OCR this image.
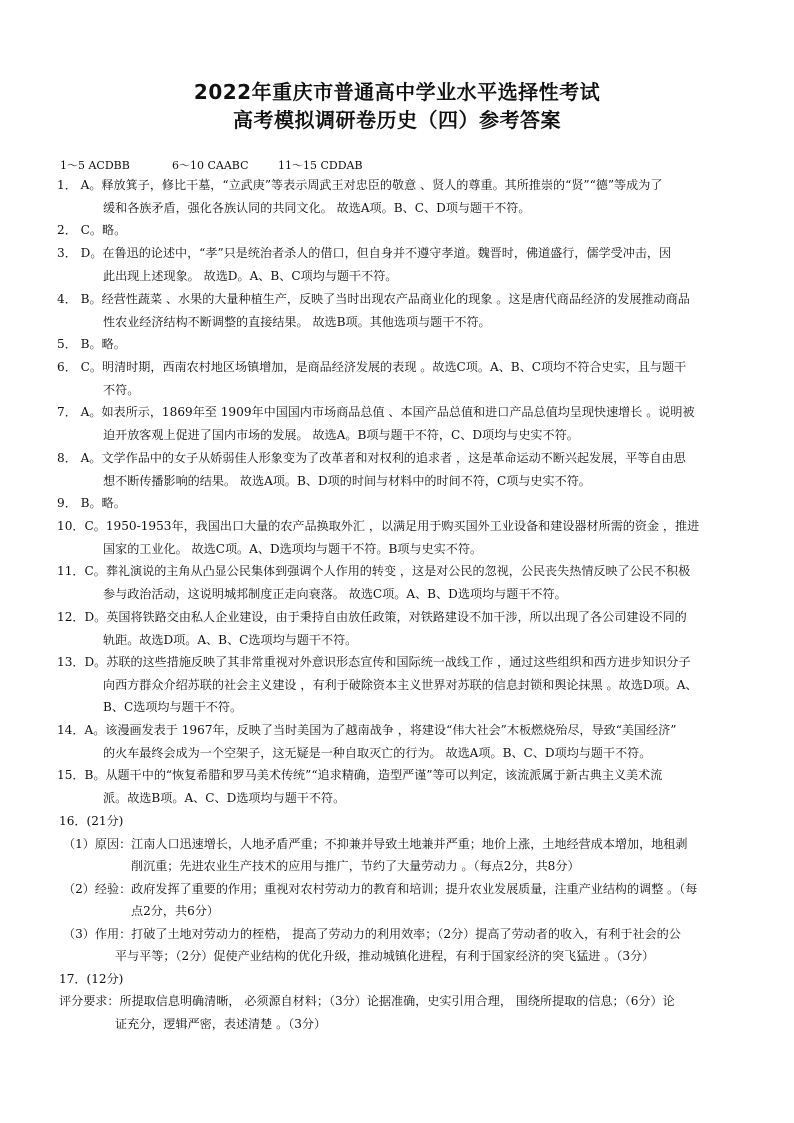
2022年重庆市普通高中学业水平选择性考试
高考模拟调研卷历史（四）参考答案
1～5 ACDBB	6～10 CAABC	11～15 CDDAB
1． A。释放箕子，修比干墓，“立武庚”等表示周武王对忠臣的敬意 、贤人的尊重。其所推崇的“贤”“德”等成为了
缓和各族矛盾，强化各族认同的共同文化。 故选A项。B、C、D项与题干不符。
2． C。略。
3． D。在鲁迅的论述中，“孝”只是统治者杀人的借口，但自身并不遵守孝道。魏晋时，佛道盛行，儒学受冲击，因
此出现上述现象。 故选D。A、B、C项均与题干不符。
4． B。经营性蔬菜 、水果的大量种植生产，反映了当时出现农产品商业化的现象 。这是唐代商品经济的发展推动商品
性农业经济结构不断调整的直接结果。 故选B项。其他选项与题干不符。
5． B。略。
6． C。明清时期，西南农村地区场镇增加，是商品经济发展的表现 。故选C项。A、B、C项均不符合史实，且与题干
不符。
7． A。如表所示，1869年至 1909年中国国内市场商品总值 、本国产品总值和进口产品总值均呈现快速增长 。说明被
迫开放客观上促进了国内市场的发展。 故选A。B项与题干不符，C、D项均与史实不符。
8． A。文学作品中的女子从娇弱佳人形象变为了改革者和对权利的追求者 ，这是革命运动不断兴起发展，平等自由思
想不断传播影响的结果。 故选A项。B、D项的时间与材料中的时间不符，C项与史实不符。
9． B。略。
10．C。1950-1953年，我国出口大量的农产品换取外汇 ，以满足用于购买国外工业设备和建设器材所需的资金 ，推进
国家的工业化。 故选C项。A、D选项均与题干不符。B项与史实不符。
11．C。葬礼演说的主角从凸显公民集体到强调个人作用的转变 ，这是对公民的忽视，公民丧失热情反映了公民不积极
参与政治活动，这说明城邦制度正走向衰落。 故选C项。A、B、D选项均与题干不符。
12．D。英国将铁路交由私人企业建设，由于秉持自由放任政策，对铁路建设不加干涉，所以出现了各公司建设不同的
轨距。故选D项。A、B、C选项均与题干不符。
13．D。苏联的这些措施反映了其非常重视对外意识形态宣传和国际统一战线工作 ，通过这些组织和西方进步知识分子
向西方群众介绍苏联的社会主义建设 ，有利于破除资本主义世界对苏联的信息封锁和舆论抹黑 。故选D项。A、
B、C选项均与题干不符。
14．A。该漫画发表于 1967年，反映了当时美国为了越南战争 ，将建设“伟大社会”木板燃烧殆尽，导致“美国经济”
的火车最终会成为一个空架子，这无疑是一种自取灭亡的行为。 故选A项。B、C、D项均与题干不符。
15．B。从题干中的“恢复希腊和罗马美术传统”“追求精确，造型严谨”等可以判定，该流派属于新古典主义美术流
派。故选B项。A、C、D选项均与题干不符。
16．(21分)
（1）原因：江南人口迅速增长，人地矛盾严重；不抑兼并导致土地兼并严重；地价上涨，土地经营成本增加，地租剥
削沉重；先进农业生产技术的应用与推广，节约了大量劳动力 。（每点2分，共8分）
（2）经验：政府发挥了重要的作用；重视对农村劳动力的教育和培训；提升农业发展质量，注重产业结构的调整 。（每
点2分，共6分）
（3）作用：打破了土地对劳动力的桎梏， 提高了劳动力的利用效率；（2分）提高了劳动者的收入，有利于社会的公
平与平等；（2分）促使产业结构的优化升级，推动城镇化进程，有利于国家经济的突飞猛进 。（3分）
17．(12分)
评分要求：所提取信息明确清晰， 必须源自材料；（3分）论据准确，史实引用合理， 围绕所提取的信息；（6分）论
证充分，逻辑严密，表述清楚 。（3分）
